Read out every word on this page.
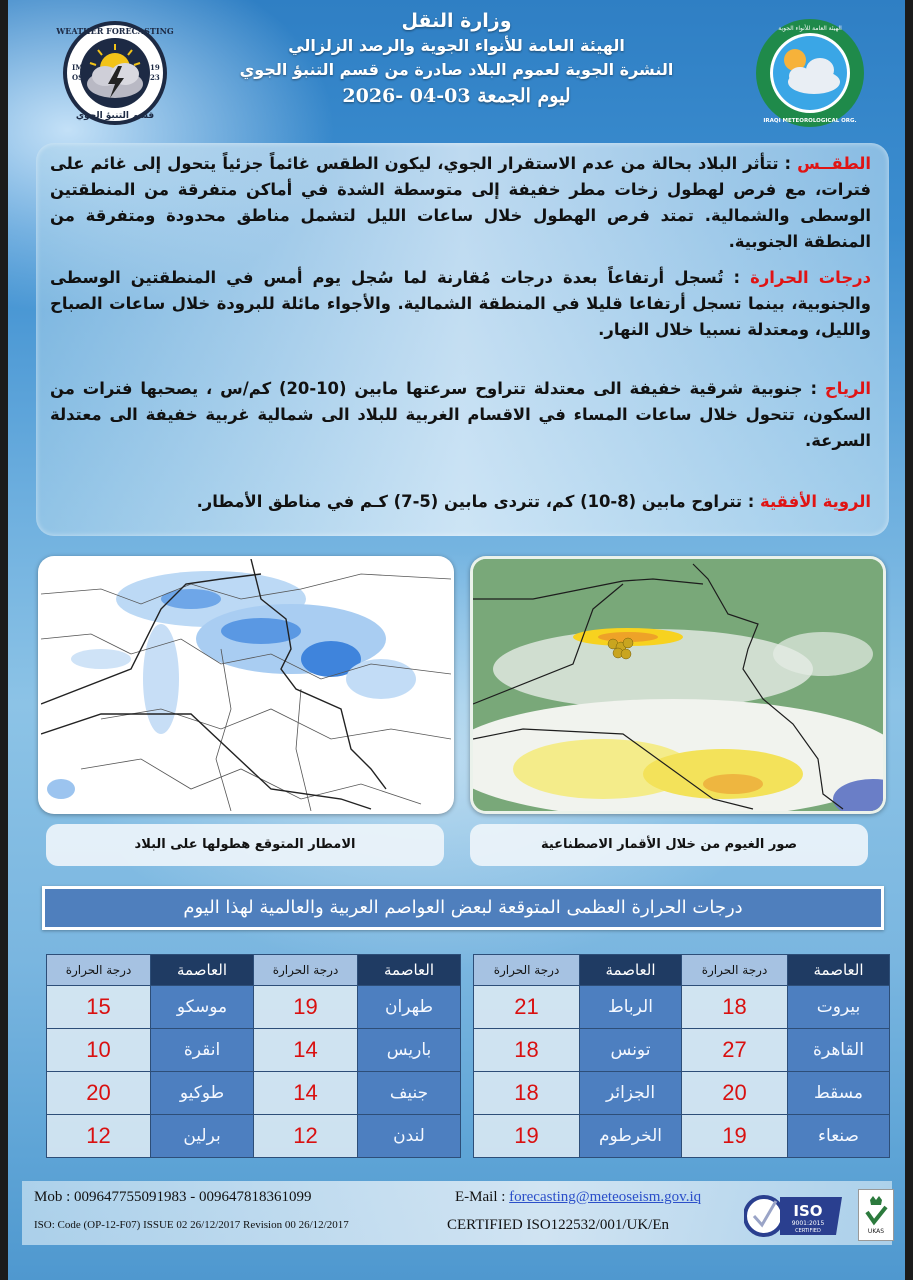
WEATHER FORECASTING
IM
OS
19
23
قسم التنبؤ الجوي
وزارة النقل
الهيئة العامة للأنواء الجوية والرصد الزلزالي
النشرة الجوية لعموم البلاد صادرة من قسم التنبؤ الجوي
ليوم الجمعة 03-04 -2026
الهيئة العامة للأنواء الجوية
IRAQI METEOROLOGICAL ORG.
الطقــس : تتأثر البلاد بحالة من عدم الاستقرار الجوي، ليكون الطقس غائماً جزئياً يتحول إلى غائم على فترات، مع فرص لهطول زخات مطر خفيفة إلى متوسطة الشدة في أماكن متفرقة من المنطقتين الوسطى والشمالية. تمتد فرص الهطول خلال ساعات الليل لتشمل مناطق محدودة ومتفرقة من المنطقة الجنوبية.
درجات الحرارة : تُسجل أرتفاعاً بعدة درجات مُقارنة لما سُجل يوم أمس في المنطقتين الوسطى والجنوبية، بينما تسجل أرتفاعا قليلا في المنطقة الشمالية. والأجواء مائلة للبرودة خلال ساعات الصباح والليل، ومعتدلة نسبيا خلال النهار.
الرياح : جنوبية شرقية خفيفة الى معتدلة تتراوح سرعتها مابين (10-20) كم/س ، يصحبها فترات من السكون، تتحول خلال ساعات المساء في الاقسام الغربية للبلاد الى شمالية غربية خفيفة الى معتدلة السرعة.
الروية الأفقية : تتراوح مابين (8-10) كم، تتردى مابين (5-7) كـم في مناطق الأمطار.
الامطار المتوقع هطولها على البلاد	صور الغيوم من خلال الأقمار الاصطناعية
درجات الحرارة العظمى المتوقعة لبعض العواصم العربية والعالمية لهذا اليوم
العاصمة	درجة الحرارة	العاصمة	درجة الحرارة
بيروت	18	الرباط	21
القاهرة	27	تونس	18
مسقط	20	الجزائر	18
صنعاء	19	الخرطوم	19
العاصمة	درجة الحرارة	العاصمة	درجة الحرارة
طهران	19	موسكو	15
باريس	14	انقرة	10
جنيف	14	طوكيو	20
لندن	12	برلين	12
Mob : 009647755091983 - 009647818361099
ISO: Code (OP-12-F07) ISSUE 02 26/12/2017 Revision 00 26/12/2017
E-Mail : forecasting@meteoseism.gov.iq
CERTIFIED ISO122532/001/UK/En
ISO
9001:2015
CERTIFIED	UKAS
